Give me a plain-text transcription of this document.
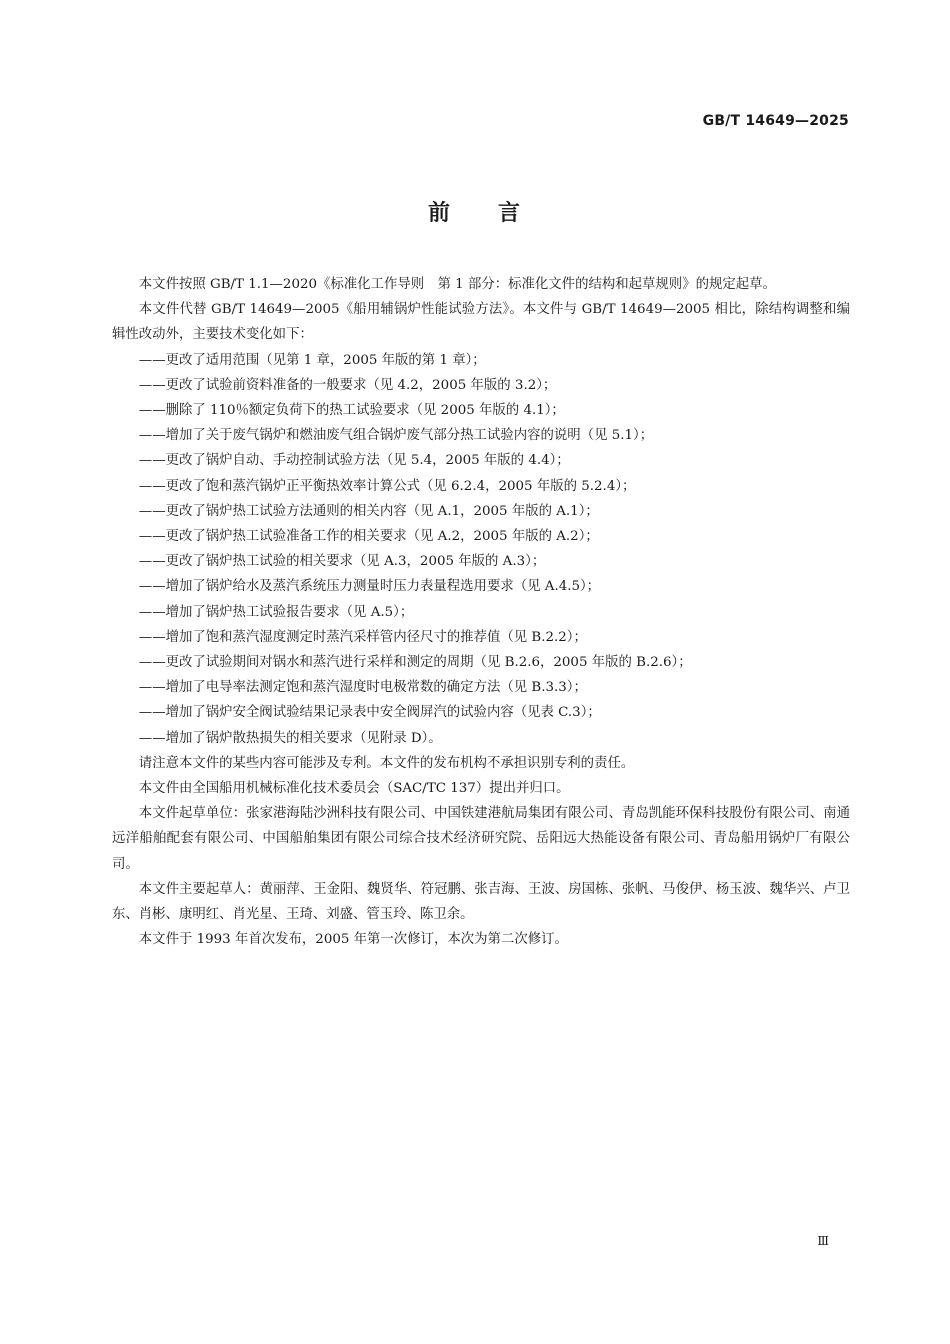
GB/T 14649—2025
前 言

本文件按照 GB/T 1.1—2020《标准化工作导则　第 1 部分：标准化文件的结构和起草规则》的规定起草。

本文件代替 GB/T 14649—2005《船用辅锅炉性能试验方法》。本文件与 GB/T 14649—2005 相比，除结构调整和编辑性改动外，主要技术变化如下：

——更改了适用范围（见第 1 章，2005 年版的第 1 章）；
——更改了试验前资料准备的一般要求（见 4.2，2005 年版的 3.2）；
——删除了 110％额定负荷下的热工试验要求（见 2005 年版的 4.1）；
——增加了关于废气锅炉和燃油废气组合锅炉废气部分热工试验内容的说明（见 5.1）；
——更改了锅炉自动、手动控制试验方法（见 5.4，2005 年版的 4.4）；
——更改了饱和蒸汽锅炉正平衡热效率计算公式（见 6.2.4，2005 年版的 5.2.4）；
——更改了锅炉热工试验方法通则的相关内容（见 A.1，2005 年版的 A.1）；
——更改了锅炉热工试验准备工作的相关要求（见 A.2，2005 年版的 A.2）；
——更改了锅炉热工试验的相关要求（见 A.3，2005 年版的 A.3）；
——增加了锅炉给水及蒸汽系统压力测量时压力表量程选用要求（见 A.4.5）；
——增加了锅炉热工试验报告要求（见 A.5）；
——增加了饱和蒸汽湿度测定时蒸汽采样管内径尺寸的推荐值（见 B.2.2）；
——更改了试验期间对锅水和蒸汽进行采样和测定的周期（见 B.2.6，2005 年版的 B.2.6）；
——增加了电导率法测定饱和蒸汽湿度时电极常数的确定方法（见 B.3.3）；
——增加了锅炉安全阀试验结果记录表中安全阀屏汽的试验内容（见表 C.3）；
——增加了锅炉散热损失的相关要求（见附录 D）。

请注意本文件的某些内容可能涉及专利。本文件的发布机构不承担识别专利的责任。

本文件由全国船用机械标准化技术委员会（SAC/TC 137）提出并归口。

本文件起草单位：张家港海陆沙洲科技有限公司、中国铁建港航局集团有限公司、青岛凯能环保科技股份有限公司、南通远洋船舶配套有限公司、中国船舶集团有限公司综合技术经济研究院、岳阳远大热能设备有限公司、青岛船用锅炉厂有限公司。

本文件主要起草人：黄丽萍、王金阳、魏贤华、符冠鹏、张吉海、王波、房国栋、张帆、马俊伊、杨玉波、魏华兴、卢卫东、肖彬、康明红、肖光星、王琦、刘盛、管玉玲、陈卫余。

本文件于 1993 年首次发布，2005 年第一次修订，本次为第二次修订。

Ⅲ
